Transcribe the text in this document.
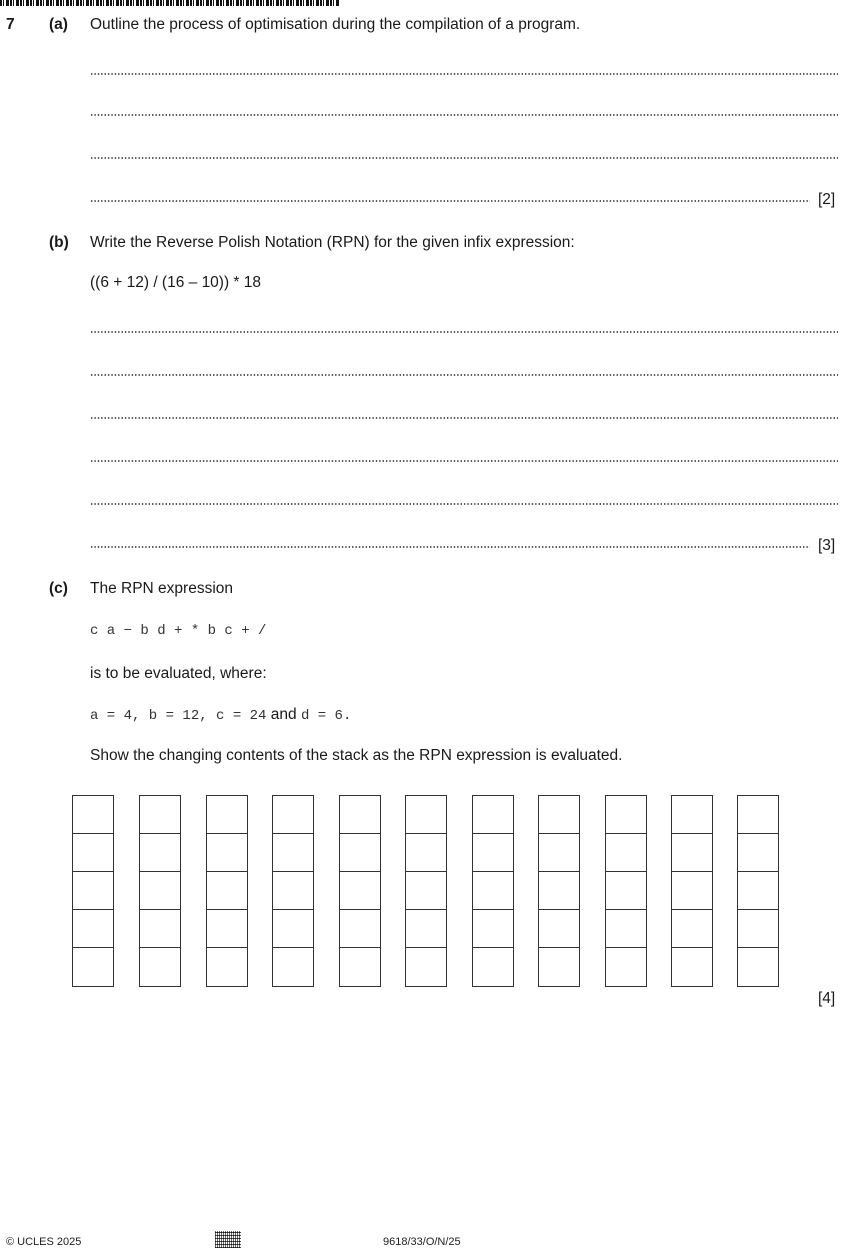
7 (a) Outline the process of optimisation during the compilation of a program.
[2]
(b) Write the Reverse Polish Notation (RPN) for the given infix expression:
((6 + 12) / (16 – 10)) * 18
[3]
(c) The RPN expression
c a − b d + * b c + /
is to be evaluated, where:
a = 4, b = 12, c = 24 and d = 6.
Show the changing contents of the stack as the RPN expression is evaluated.
[4]
© UCLES 2025	9618/33/O/N/25
